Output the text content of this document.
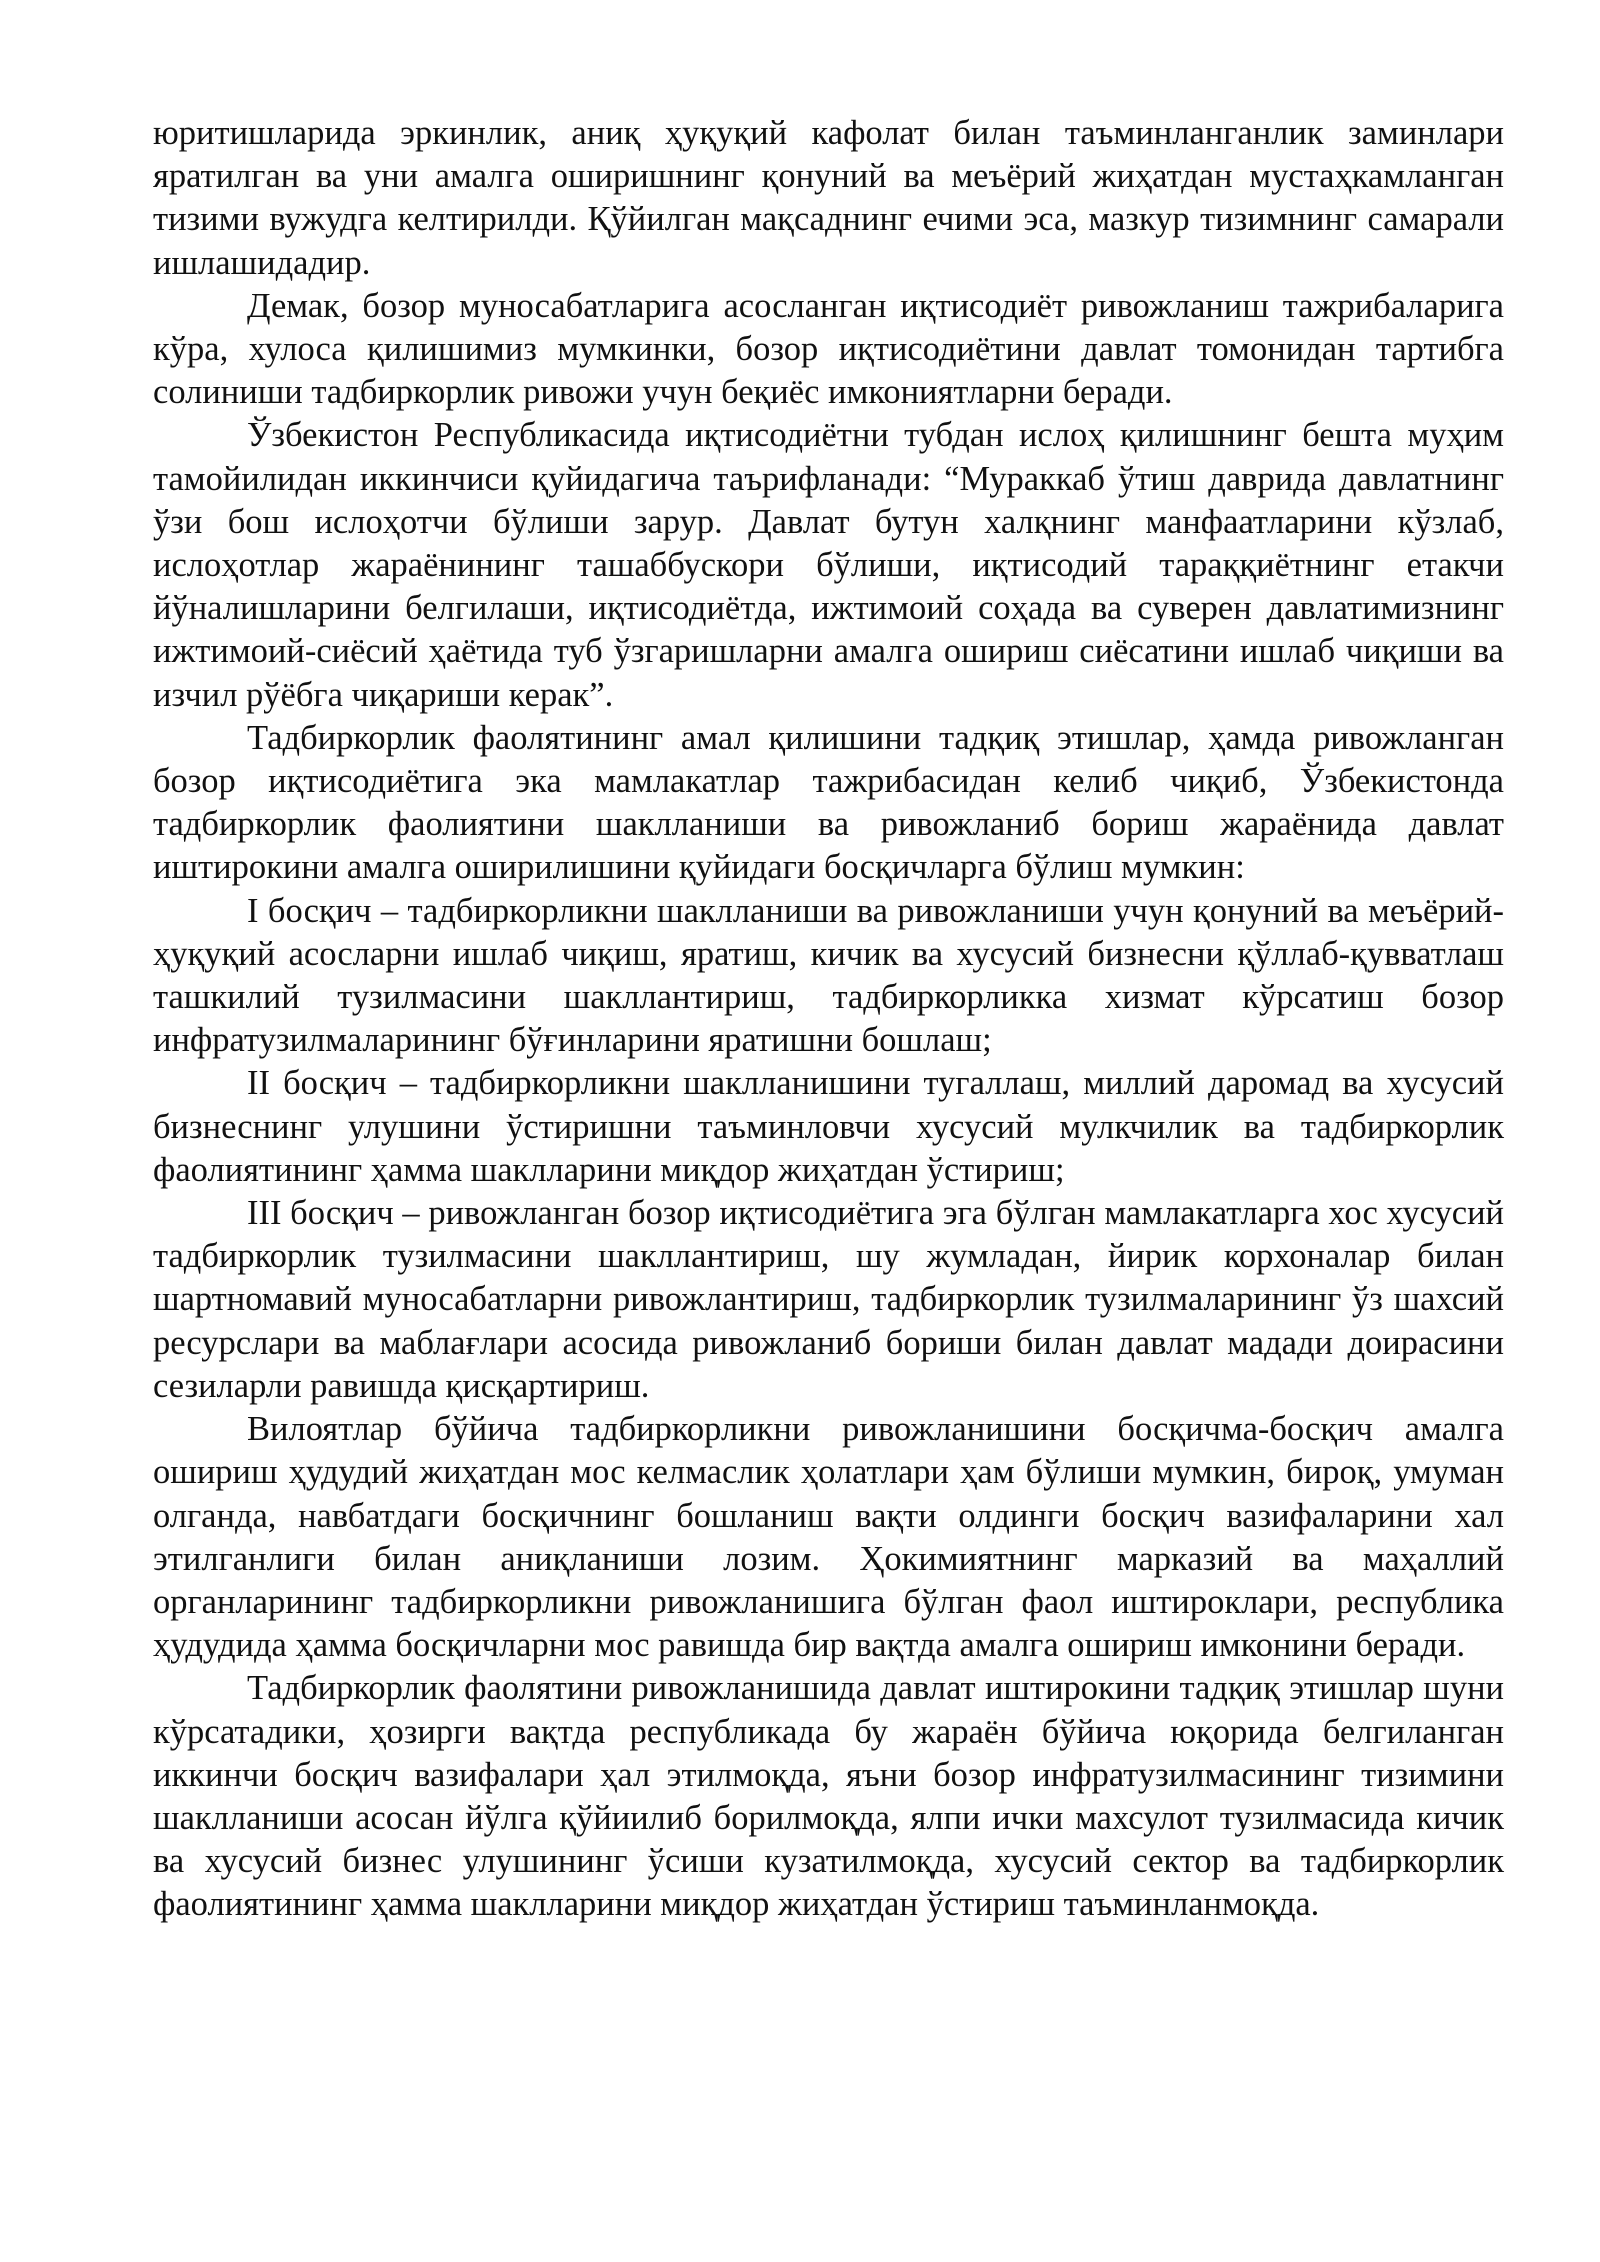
юритишларида эркинлик, аниқ ҳуқуқий кафолат билан таъминланганлик заминлари яратилган ва уни амалга оширишнинг қонуний ва меъёрий жиҳатдан мустаҳкамланган тизими вужудга келтирилди. Қўйилган мақсаднинг ечими эса, мазкур тизимнинг самарали ишлашидадир.

Демак, бозор муносабатларига асосланган иқтисодиёт ривожланиш тажрибаларига кўра, хулоса қилишимиз мумкинки, бозор иқтисодиётини давлат томонидан тартибга солиниши тадбиркорлик ривожи учун беқиёс имкониятларни беради.

Ўзбекистон Республикасида иқтисодиётни тубдан ислоҳ қилишнинг бешта муҳим тамойилидан иккинчиси қуйидагича таърифланади: “Мураккаб ўтиш даврида давлатнинг ўзи бош ислоҳотчи бўлиши зарур. Давлат бутун халқнинг манфаатларини кўзлаб, ислоҳотлар жараёнининг ташаббускори бўлиши, иқтисодий тараққиётнинг етакчи йўналишларини белгилаши, иқтисодиётда, ижтимоий соҳада ва суверен давлатимизнинг ижтимоий-сиёсий ҳаётида туб ўзгаришларни амалга ошириш сиёсатини ишлаб чиқиши ва изчил рўёбга чиқариши керак”.

Тадбиркорлик фаолятининг амал қилишини тадқиқ этишлар, ҳамда ривожланган бозор иқтисодиётига эка мамлакатлар тажрибасидан келиб чиқиб, Ўзбекистонда тадбиркорлик фаолиятини шаклланиши ва ривожланиб бориш жараёнида давлат иштирокини амалга оширилишини қуйидаги босқичларга бўлиш мумкин:

I босқич – тадбиркорликни шаклланиши ва ривожланиши учун қонуний ва меъёрий-ҳуқуқий асосларни ишлаб чиқиш, яратиш, кичик ва хусусий бизнесни қўллаб-қувватлаш ташкилий тузилмасини шакллантириш, тадбиркорликка хизмат кўрсатиш бозор инфратузилмаларининг бўғинларини яратишни бошлаш;

II босқич – тадбиркорликни шаклланишини тугаллаш, миллий даромад ва хусусий бизнеснинг улушини ўстиришни таъминловчи хусусий мулкчилик ва тадбиркорлик фаолиятининг ҳамма шаклларини миқдор жиҳатдан ўстириш;

III босқич – ривожланган бозор иқтисодиётига эга бўлган мамлакатларга хос хусусий тадбиркорлик тузилмасини шакллантириш, шу жумладан, йирик корхоналар билан шартномавий муносабатларни ривожлантириш, тадбиркорлик тузилмаларининг ўз шахсий ресурслари ва маблағлари асосида ривожланиб бориши билан давлат мадади доирасини сезиларли равишда қисқартириш.

Вилоятлар бўйича тадбиркорликни ривожланишини босқичма-босқич амалга ошириш ҳудудий жиҳатдан мос келмаслик ҳолатлари ҳам бўлиши мумкин, бироқ, умуман олганда, навбатдаги босқичнинг бошланиш вақти олдинги босқич вазифаларини хал этилганлиги билан аниқланиши лозим. Ҳокимиятнинг марказий ва маҳаллий органларининг тадбиркорликни ривожланишига бўлган фаол иштироклари, республика ҳудудида ҳамма босқичларни мос равишда бир вақтда амалга ошириш имконини беради.

Тадбиркорлик фаолятини ривожланишида давлат иштирокини тадқиқ этишлар шуни кўрсатадики, ҳозирги вақтда республикада бу жараён бўйича юқорида белгиланган иккинчи босқич вазифалари ҳал этилмоқда, яъни бозор инфратузилмасининг тизимини шаклланиши асосан йўлга қўйиилиб борилмоқда, ялпи ички махсулот тузилмасида кичик ва хусусий бизнес улушининг ўсиши кузатилмоқда, хусусий сектор ва тадбиркорлик фаолиятининг ҳамма шаклларини миқдор жиҳатдан ўстириш таъминланмоқда.
